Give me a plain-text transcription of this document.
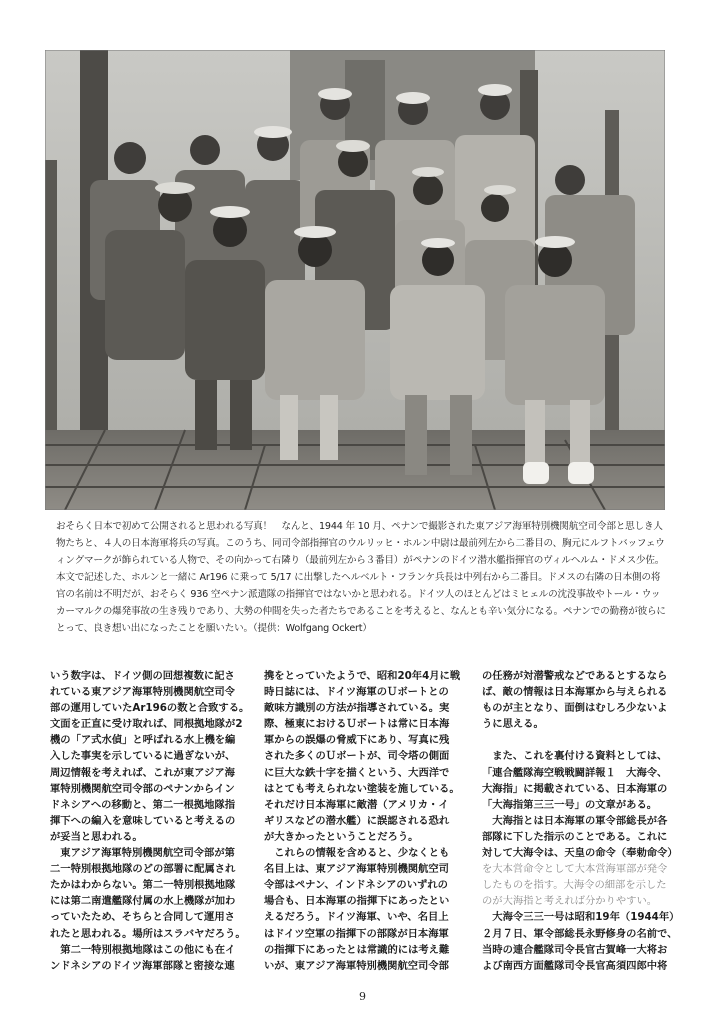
おそらく日本で初めて公開されると思われる写真！　なんと、1944 年 10 月、ペナンで撮影された東アジア海軍特別機関航空司令部と思しき人

物たちと、４人の日本海軍将兵の写真。このうち、同司令部指揮官のウルリッヒ・ホルン中尉は最前列左から二番目の、胸元にルフトバッフェウ

ィングマークが飾られている人物で、その向かって右隣り（最前列左から３番目）がペナンのドイツ潜水艦指揮官のヴィルヘルム・ドメス少佐。

本文で記述した、ホルンと一緒に Ar196 に乗って 5/17 に出撃したヘルベルト・フランケ兵長は中列右から二番目。ドメスの右隣の日本側の将

官の名前は不明だが、おそらく 936 空ペナン派遣隊の指揮官ではないかと思われる。ドイツ人のほとんどはミヒェルの沈没事故やトール・ウッ

カーマルクの爆発事故の生き残りであり、大勢の仲間を失った者たちであることを考えると、なんとも辛い気分になる。ペナンでの勤務が彼らに

とって、良き想い出になったことを願いたい。（提供：Wolfgang Ockert）

いう数字は、ドイツ側の回想複数に記さ

れている東アジア海軍特別機関航空司令

部の運用していたAr196の数と合致する。

文面を正直に受け取れば、同根拠地隊が2

機の「ア式水偵」と呼ばれる水上機を編

入した事実を示しているに過ぎないが、

周辺情報を考えれば、これが東アジア海

軍特別機関航空司令部のペナンからイン

ドネシアへの移動と、第二一根拠地隊指

揮下への編入を意味していると考えるの

が妥当と思われる。

　東アジア海軍特別機関航空司令部が第

二一特別根拠地隊のどの部署に配属され

たかはわからない。第二一特別根拠地隊

には第二南遣艦隊付属の水上機隊が加わ

っていたため、そちらと合同して運用さ

れたと思われる。場所はスラバヤだろう。

　第二一特別根拠地隊はこの他にも在イ

ンドネシアのドイツ海軍部隊と密接な連

携をとっていたようで、昭和20年4月に戦

時日誌には、ドイツ海軍のＵボートとの

敵味方識別の方法が指導されている。実

際、極東におけるＵボートは常に日本海

軍からの誤爆の脅威下にあり、写真に残

された多くのＵボートが、司令塔の側面

に巨大な鉄十字を描くという、大西洋で

はとても考えられない塗装を施している。

それだけ日本海軍に敵潜（アメリカ・イ

ギリスなどの潜水艦）に誤認される恐れ

が大きかったということだろう。

　これらの情報を含めると、少なくとも

名目上は、東アジア海軍特別機関航空司

令部はペナン、インドネシアのいずれの

場合も、日本海軍の指揮下にあったとい

えるだろう。ドイツ海軍、いや、名目上

はドイツ空軍の指揮下の部隊が日本海軍

の指揮下にあったとは常識的には考え難

いが、東アジア海軍特別機関航空司令部

の任務が対潜警戒などであるとするなら

ば、敵の情報は日本海軍から与えられる

ものが主となり、面倒はむしろ少ないよ

うに思える。

　また、これを裏付ける資料としては、

「連合艦隊海空戦戦闘詳報１　大海令、

大海指」に掲載されている、日本海軍の

「大海指第三三一号」の文章がある。

　大海指とは日本海軍の軍令部総長が各

部隊に下した指示のことである。これに

対して大海令は、天皇の命令（奉勅命令）

を大本営命令として大本営海軍部が発令

したものを指す。大海令の細部を示した

のが大海指と考えれば分かりやすい。

　大海令三三一号は昭和19年（1944年）

２月７日、軍令部総長永野修身の名前で、

当時の連合艦隊司令長官古賀峰一大将お

よび南西方面艦隊司令長官高須四郎中将

9
